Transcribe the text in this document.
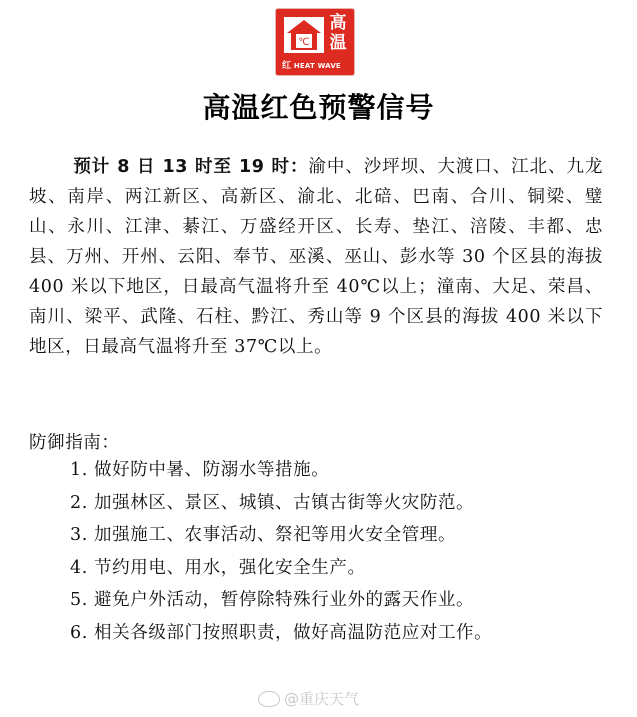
℃
高温
红 HEAT WAVE
高温红色预警信号
预计 8 日 13 时至 19 时：渝中、沙坪坝、大渡口、江北、九龙坡、南岸、两江新区、高新区、渝北、北碚、巴南、合川、铜梁、璧山、永川、江津、綦江、万盛经开区、长寿、垫江、涪陵、丰都、忠县、万州、开州、云阳、奉节、巫溪、巫山、彭水等 30 个区县的海拔 400 米以下地区，日最高气温将升至 40℃以上；潼南、大足、荣昌、南川、梁平、武隆、石柱、黔江、秀山等 9 个区县的海拔 400 米以下地区，日最高气温将升至 37℃以上。
防御指南：
1. 做好防中暑、防溺水等措施。
2. 加强林区、景区、城镇、古镇古街等火灾防范。
3. 加强施工、农事活动、祭祀等用火安全管理。
4. 节约用电、用水，强化安全生产。
5. 避免户外活动，暂停除特殊行业外的露天作业。
6. 相关各级部门按照职责，做好高温防范应对工作。
@重庆天气
